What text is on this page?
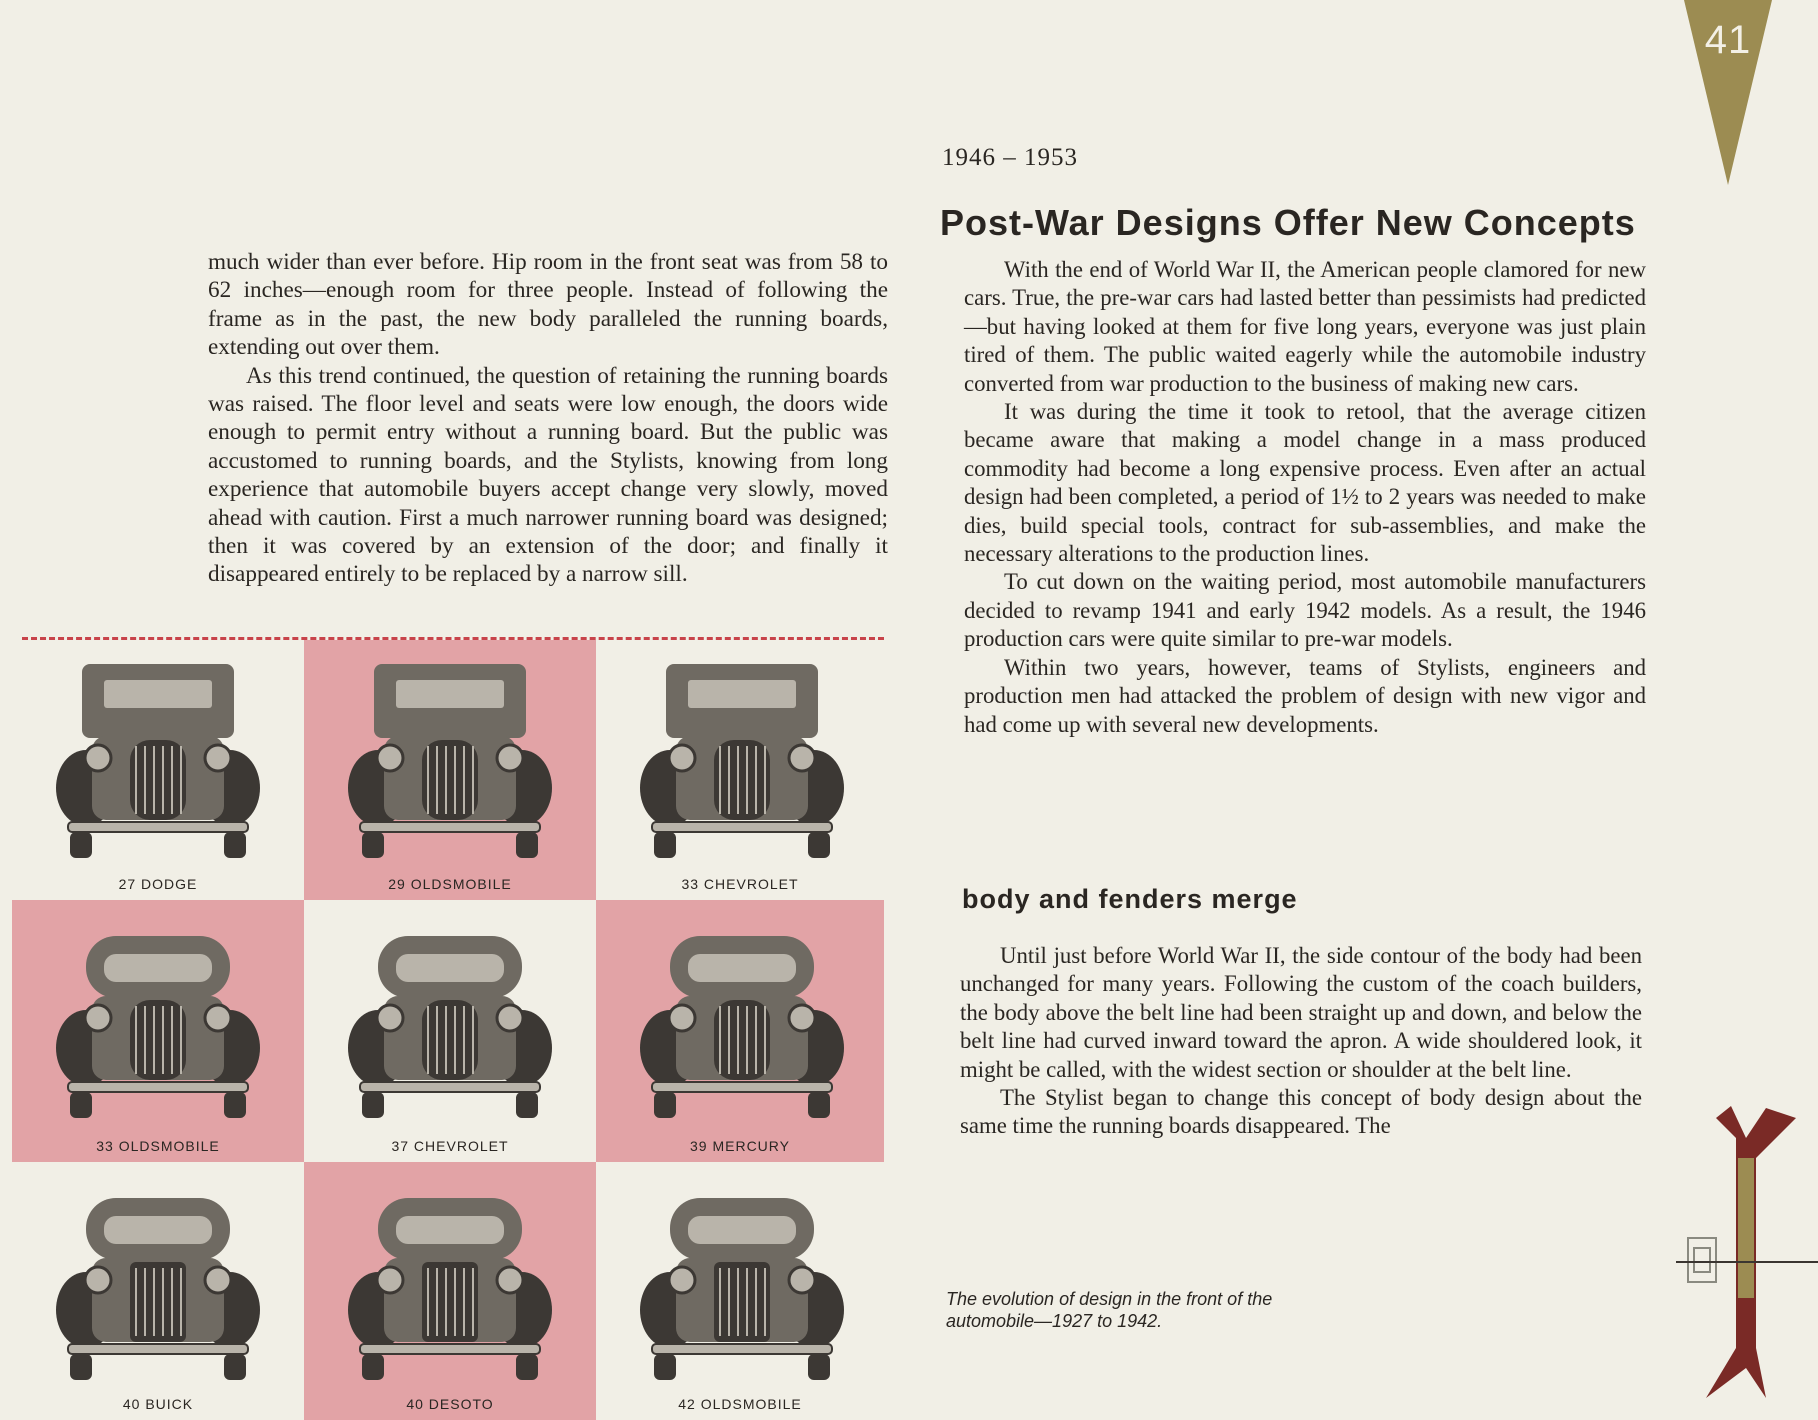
41

much wider than ever before. Hip room in the front seat was from 58 to 62 inches—enough room for three people. Instead of following the frame as in the past, the new body paralleled the running boards, extending out over them.

As this trend continued, the question of retaining the running boards was raised. The floor level and seats were low enough, the doors wide enough to permit entry without a running board. But the public was accustomed to running boards, and the Stylists, knowing from long experience that automobile buyers accept change very slowly, moved ahead with caution. First a much narrower running board was designed; then it was covered by an extension of the door; and finally it disappeared entirely to be replaced by a narrow sill.

27 DODGE	29 OLDSMOBILE	33 CHEVROLET
33 OLDSMOBILE	37 CHEVROLET	39 MERCURY
40 BUICK	40 DESOTO	42 OLDSMOBILE
1946 – 1953
Post-War Designs Offer New Concepts

With the end of World War II, the American people clamored for new cars. True, the pre-war cars had lasted better than pessimists had predicted—but having looked at them for five long years, everyone was just plain tired of them. The public waited eagerly while the automobile industry converted from war production to the business of making new cars.

It was during the time it took to retool, that the average citizen became aware that making a model change in a mass produced commodity had become a long expensive process. Even after an actual design had been completed, a period of 1½ to 2 years was needed to make dies, build special tools, contract for sub-assemblies, and make the necessary alterations to the production lines.

To cut down on the waiting period, most automobile manufacturers decided to revamp 1941 and early 1942 models. As a result, the 1946 production cars were quite similar to pre-war models.

Within two years, however, teams of Stylists, engineers and production men had attacked the problem of design with new vigor and had come up with several new developments.

body and fenders merge

Until just before World War II, the side contour of the body had been unchanged for many years. Following the custom of the coach builders, the body above the belt line had been straight up and down, and below the belt line had curved inward toward the apron. A wide shouldered look, it might be called, with the widest section or shoulder at the belt line.

The Stylist began to change this concept of body design about the same time the running boards disappeared. The

The evolution of design in the front of the automobile—1927 to 1942.
